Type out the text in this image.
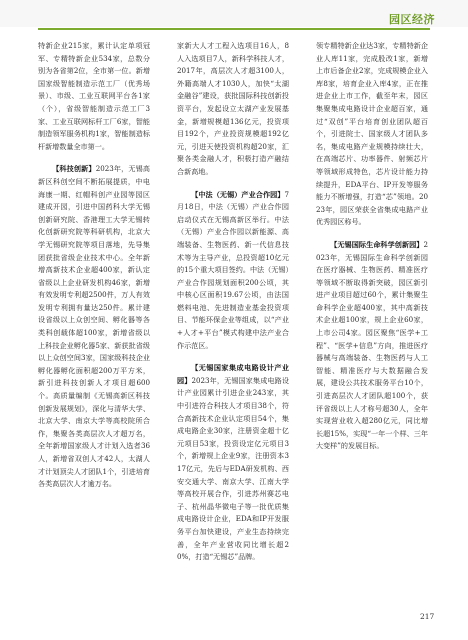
园区经济

特新企业215家，累计认定单项冠军、专精特新企业534家，总数分别为各省第2位，全市第一位。新增国家级智能制造示范工厂（优秀场景）、市级、工业互联网平台各1家（个），省级智能制造示范工厂3家、工业互联网标杆工厂6家，智能制造领军服务机构1家，智能制造标杆新增数量全市第一。

【科技创新】2023年，无锡高新区科创空间不断拓展提质，中电海康一期、红帽科创产业园等园区建成开园，引进中国药科大学无锡创新研究院、香港理工大学无锡转化创新研究院等科研机构，北京大学无锡研究院等项目落地，先导集团获批省级企业技术中心。全年新增高新技术企业超400家，新认定省级以上企业研发机构46家，新增有效发明专利超2500件，万人有效发明专利拥有量达250件。累计建设省级以上众创空间、孵化器等各类科创载体超100家，新增省级以上科技企业孵化器5家、新获批省级以上众创空间3家，国家级科技企业孵化器孵化面积超200万平方米，新引进科技创新人才项目超600个。高质量编制《无锡高新区科技创新发展规划》，深化与清华大学、北京大学、南京大学等高校院所合作，集聚各类高层次人才超万名，全年新增国家级人才计划入选者36人，新增省双创人才42人，太湖人才计划顶尖人才团队1个，引进培育各类高层次人才逾万名。

家新大人才工程入选项目16人，8人入选项目7人，新科学科技人才，2017年，高层次人才超3100人，外籍高端人才1030人，加快“太湖金融谷”建设，获批国际科技创新投资平台，发起设立太湖产业发展基金，新增规模超136亿元，投资项目192个，产业投资规模超192亿元，引进天使投资机构超20家，汇聚各类金融人才，积极打造产融结合新高地。

【中法（无锡）产业合作园】7月18日，中法（无锡）产业合作园启动仪式在无锡高新区举行。中法（无锡）产业合作园以新能源、高端装备、生物医药、新一代信息技术等为主导产业，总投资超10亿元的15个重大项目签约。中法（无锡）产业合作园规划面积200公顷，其中核心区面积19.67公顷，由法国燃料电池、先进制造业基金投资项目、节能环保企业等组成，以“产业+人才+平台”模式构建中法产业合作示范区。

【无锡国家集成电路设计产业园】2023年，无锡国家集成电路设计产业园累计引进企业243家，其中引进符合科技人才项目38个，符合高新技术企业认定项目54个，集成电路企业30家，注册资金超十亿元项目53家，投资设定亿元项目3个，新增规上企业9家，注册资本317亿元，先后与EDA研发机构、西安交通大学、南京大学、江南大学等高校开展合作，引进苏州赛芯电子、杭州晶华微电子等一批优质集成电路设计企业，EDA和IP开发服务平台加快建设，产业生态持续完善，全年产业营收同比增长超20%，打造“无锡芯”品牌。

领专精特新企业达3家，专精特新企业人库11家，完成股改1家，新增上市后备企业2家，完成规模企业入库8家，培育企业入库4家，正在推进企业上市工作，截至年末，园区集聚集成电路设计企业超百家，通过“双创”平台培育创业团队超百个，引进院士、国家级人才团队多名，集成电路产业规模持续壮大，在高端芯片、功率器件、射频芯片等领域形成特色，芯片设计能力持续提升，EDA平台、IP开发等服务能力不断增强，打造“芯”领地。2023年，园区荣获全省集成电路产业优秀园区称号。

【无锡国际生命科学创新园】2023年，无锡国际生命科学创新园在医疗器械、生物医药、精准医疗等领域不断取得新突破，园区新引进产业项目超过60个，累计集聚生命科学企业超400家，其中高新技术企业超100家，规上企业60家，上市公司4家。园区聚焦“医学+工程”、“医学+信息”方向，推进医疗器械与高端装备、生物医药与人工智能、精准医疗与大数据融合发展，建设公共技术服务平台10个，引进高层次人才团队超100个，获评省级以上人才称号超30人，全年实现营业收入超280亿元，同比增长超15%，实现“一年一个样、三年大变样”的发展目标。

217
